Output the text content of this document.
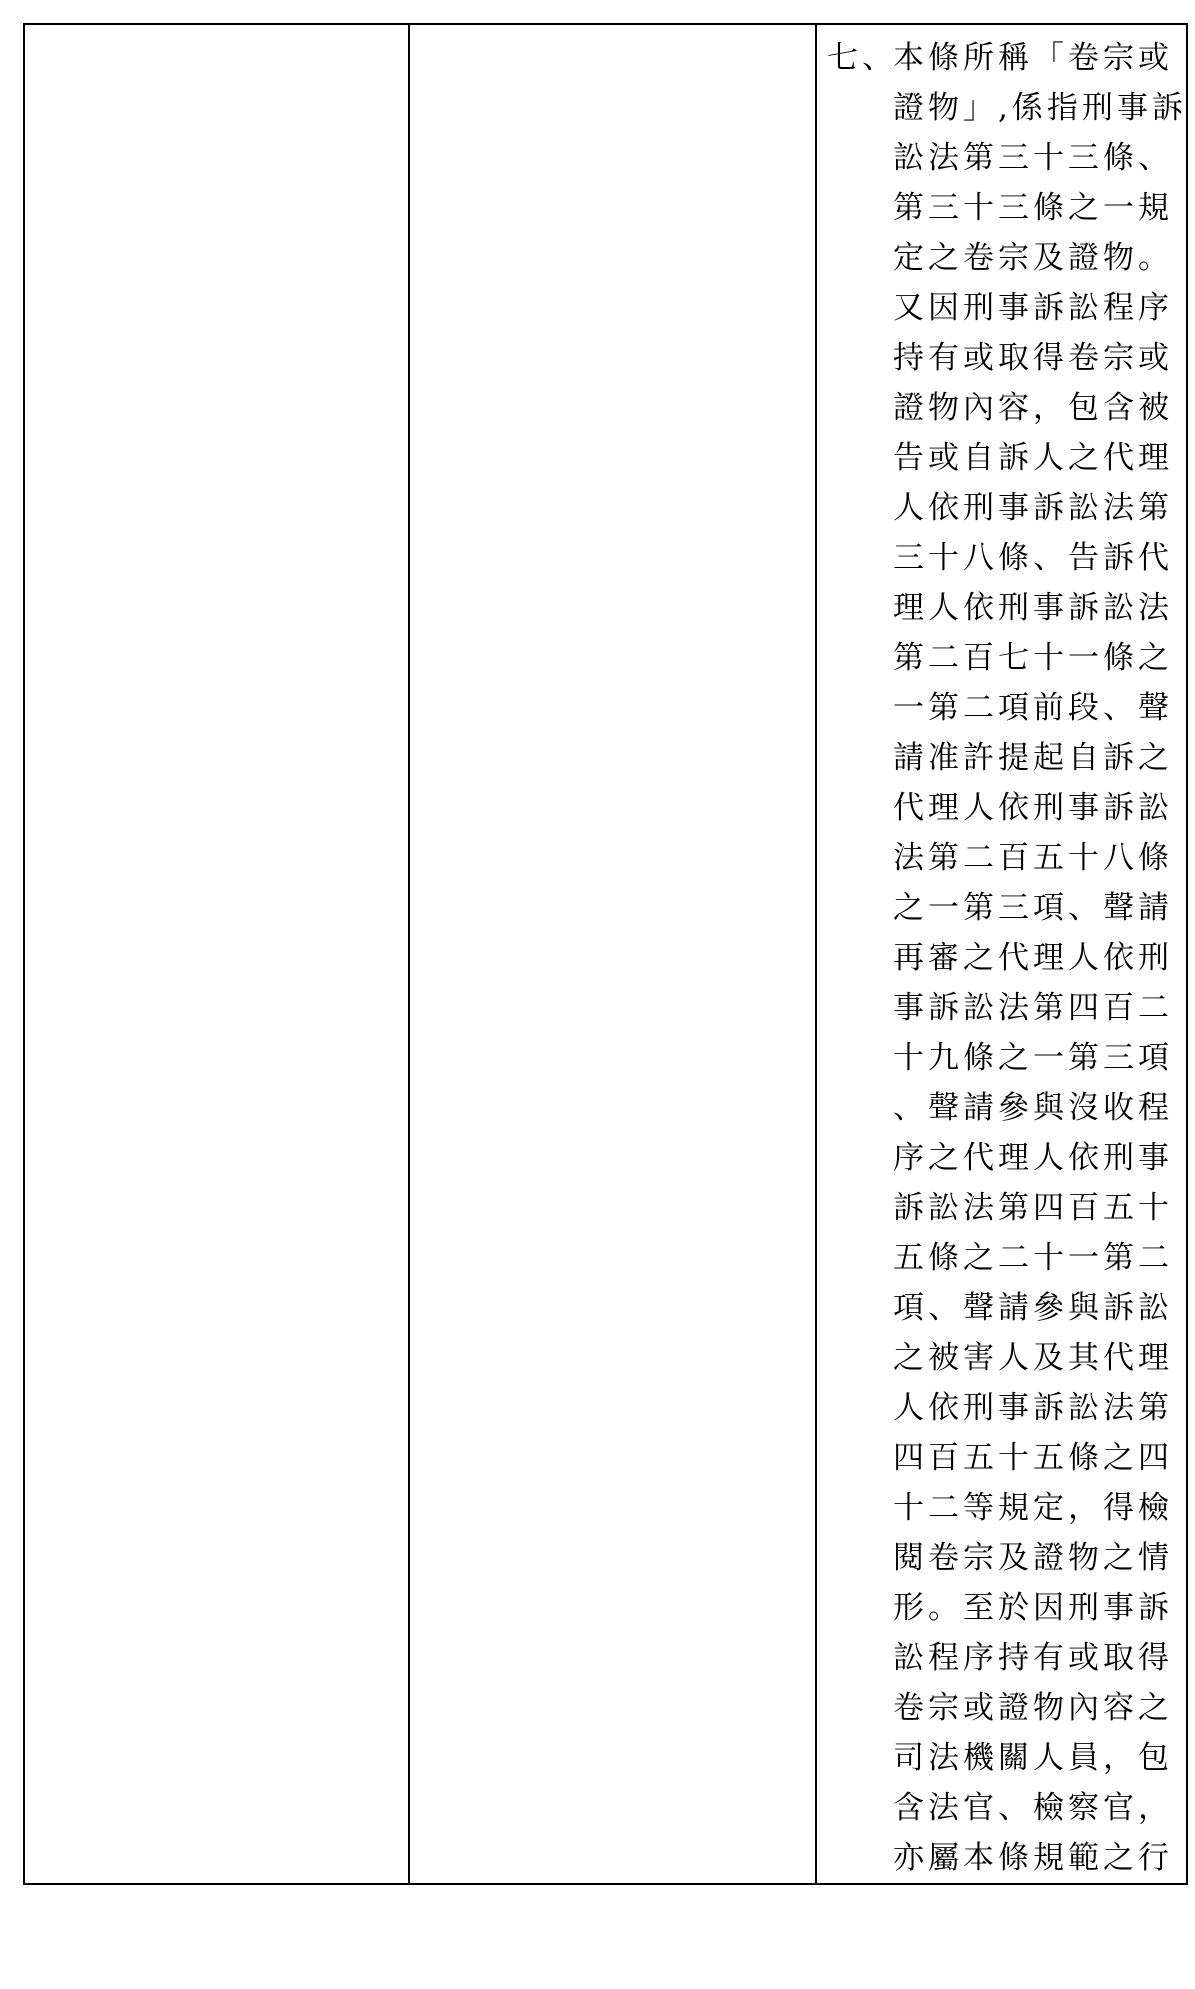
七、
本條所稱「卷宗或
證物」,係指刑事訴
訟法第三十三條、
第三十三條之一規
定之卷宗及證物。
又因刑事訴訟程序
持有或取得卷宗或
證物內容，包含被
告或自訴人之代理
人依刑事訴訟法第
三十八條、告訴代
理人依刑事訴訟法
第二百七十一條之
一第二項前段、聲
請准許提起自訴之
代理人依刑事訴訟
法第二百五十八條
之一第三項、聲請
再審之代理人依刑
事訴訟法第四百二
十九條之一第三項
、聲請參與沒收程
序之代理人依刑事
訴訟法第四百五十
五條之二十一第二
項、聲請參與訴訟
之被害人及其代理
人依刑事訴訟法第
四百五十五條之四
十二等規定，得檢
閱卷宗及證物之情
形。至於因刑事訴
訟程序持有或取得
卷宗或證物內容之
司法機關人員，包
含法官、檢察官，
亦屬本條規範之行
